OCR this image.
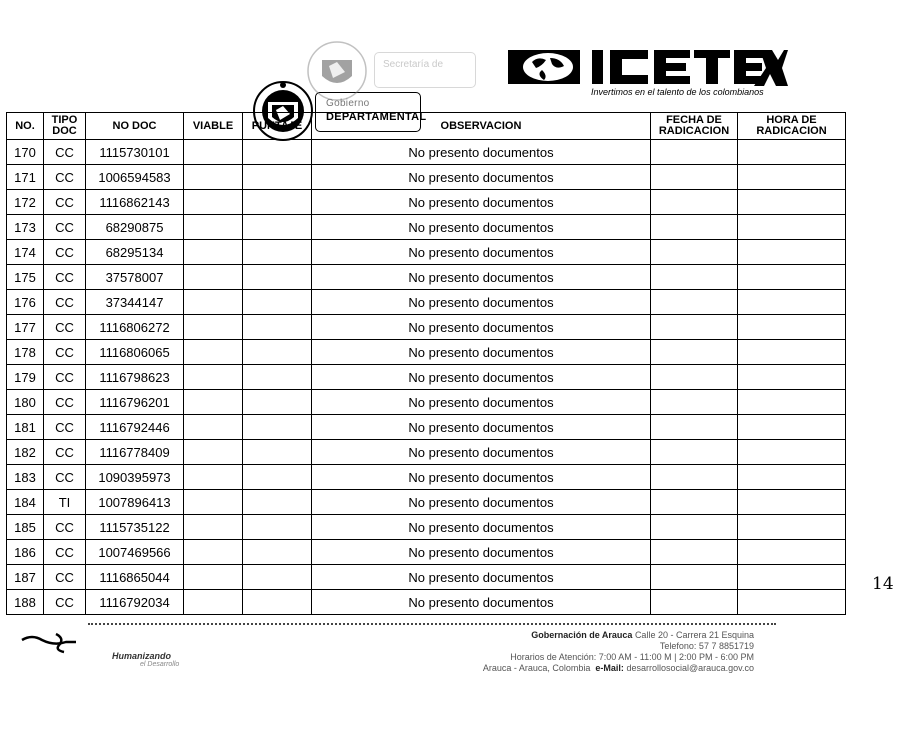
Gobierno
DEPARTAMENTAL
Secretaría de
Invertimos en el talento de los colombianos
NO.	TIPO DOC	NO DOC	VIABLE	PUNTAJE	OBSERVACION	FECHA DE RADICACION	HORA DE RADICACION
170	CC	1115730101			No presento documentos		
171	CC	1006594583			No presento documentos		
172	CC	1116862143			No presento documentos		
173	CC	68290875			No presento documentos		
174	CC	68295134			No presento documentos		
175	CC	37578007			No presento documentos		
176	CC	37344147			No presento documentos		
177	CC	1116806272			No presento documentos		
178	CC	1116806065			No presento documentos		
179	CC	1116798623			No presento documentos		
180	CC	1116796201			No presento documentos		
181	CC	1116792446			No presento documentos		
182	CC	1116778409			No presento documentos		
183	CC	1090395973			No presento documentos		
184	TI	1007896413			No presento documentos		
185	CC	1115735122			No presento documentos		
186	CC	1007469566			No presento documentos		
187	CC	1116865044			No presento documentos		
188	CC	1116792034			No presento documentos		
14
Humanizando
el Desarrollo
Gobernación de Arauca Calle 20 - Carrera 21 Esquina
Telefono: 57 7 8851719
Horarios de Atención: 7:00 AM - 11:00 M | 2:00 PM - 6:00 PM
Arauca - Arauca, Colombia e-Mail: desarrollosocial@arauca.gov.co
